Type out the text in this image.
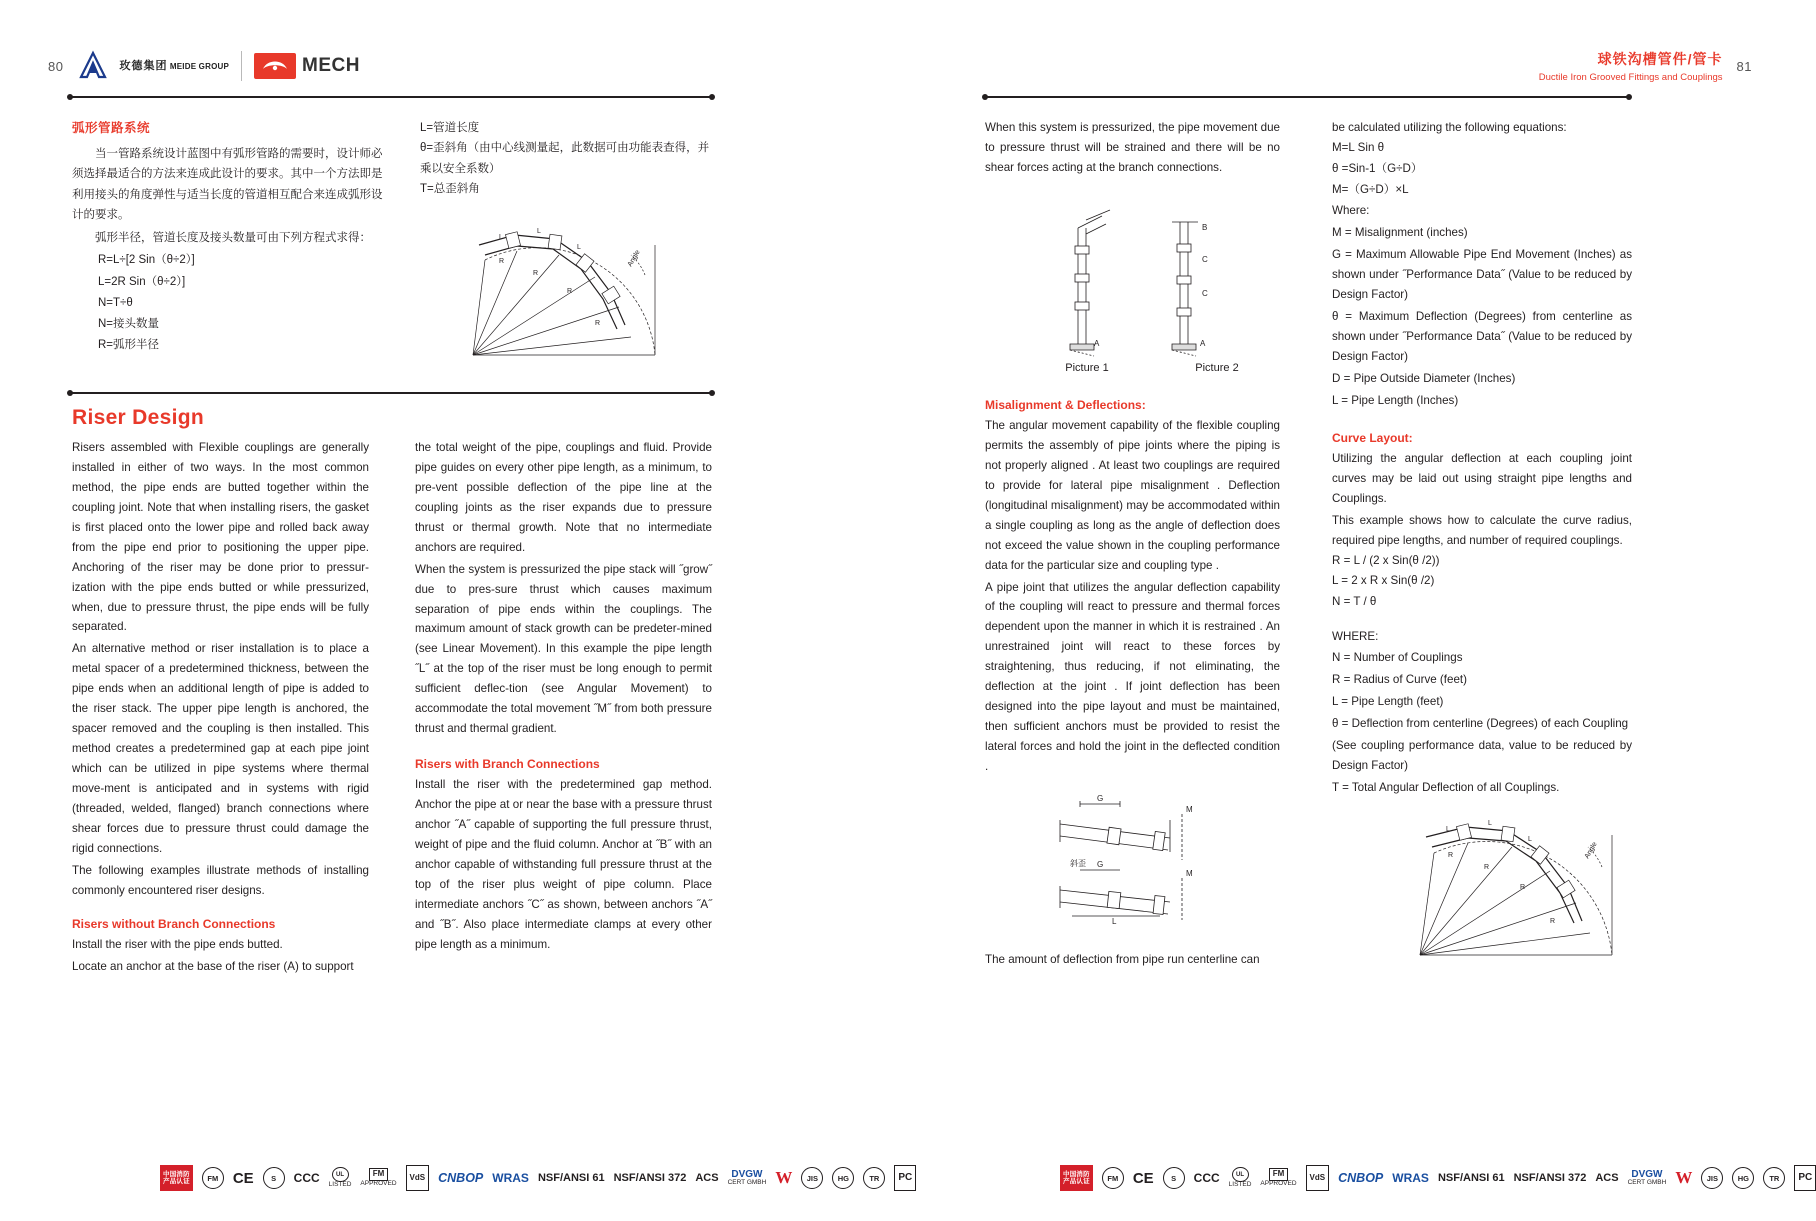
80	玫德集团 MEIDE GROUP	MECH
弧形管路系统
当一管路系统设计蓝图中有弧形管路的需要时，设计师必须选择最适合的方法来连成此设计的要求。其中一个方法即是利用接头的角度弹性与适当长度的管道相互配合来连成弧形设计的要求。
弧形半径，管道长度及接头数量可由下列方程式求得：
R=L÷[2 Sin（θ÷2）]
L=2R Sin（θ÷2）]
N=T÷θ
N=接头数量
R=弧形半径
L=管道长度
θ=歪斜角（由中心线测量起，此数据可由功能表查得，并乘以安全系数）
T=总歪斜角
R
R
R
R
L
L
L
Angle
Riser Design

Risers assembled with Flexible couplings are generally installed in either of two ways. In the most common method, the pipe ends are butted together within the coupling joint. Note that when installing risers, the gasket is first placed onto the lower pipe and rolled back away from the pipe end prior to positioning the upper pipe. Anchoring of the riser may be done prior to pressur-ization with the pipe ends butted or while pressurized, when, due to pressure thrust, the pipe ends will be fully separated.

An alternative method or riser installation is to place a metal spacer of a predetermined thickness, between the pipe ends when an additional length of pipe is added to the riser stack. The upper pipe length is anchored, the spacer removed and the coupling is then installed. This method creates a predetermined gap at each pipe joint which can be utilized in pipe systems where thermal move-ment is anticipated and in systems with rigid (threaded, welded, flanged) branch connections where shear forces due to pressure thrust could damage the rigid connections.

The following examples illustrate methods of installing commonly encountered riser designs.

Risers without Branch Connections

Install the riser with the pipe ends butted.

Locate an anchor at the base of the riser (A) to support

the total weight of the pipe, couplings and fluid. Provide pipe guides on every other pipe length, as a minimum, to pre-vent possible deflection of the pipe line at the coupling joints as the riser expands due to pressure thrust or thermal growth. Note that no intermediate anchors are required.

When the system is pressurized the pipe stack will ˝grow˝ due to pres-sure thrust which causes maximum separation of pipe ends within the couplings. The maximum amount of stack growth can be predeter-mined (see Linear Movement). In this example the pipe length ˝L˝ at the top of the riser must be long enough to permit sufficient deflec-tion (see Angular Movement) to accommodate the total movement ˝M˝ from both pressure thrust and thermal gradient.

Risers with Branch Connections

Install the riser with the predetermined gap method. Anchor the pipe at or near the base with a pressure thrust anchor ˝A˝ capable of supporting the full pressure thrust, weight of pipe and the fluid column. Anchor at ˝B˝ with an anchor capable of withstanding full pressure thrust at the top of the riser plus weight of pipe column. Place intermediate anchors ˝C˝ as shown, between anchors ˝A˝ and ˝B˝. Also place intermediate clamps at every other pipe length as a minimum.

中国消防
产品认证	FM CE	S	CCC	UL
LISTED
FM
APPROVED
VdS	CNBOP WRAS NSF/ANSI 61 NSF/ANSI 372 ACS DVGW
CERT GMBH W	JIS	HG	TR	PC
球铁沟槽管件/管卡
Ductile Iron Grooved Fittings and Couplings
81

When this system is pressurized, the pipe movement due to pressure thrust will be strained and there will be no shear forces acting at the branch connections.

A
B
C
C
A
Picture 1	Picture 2
Misalignment & Deflections:

The angular movement capability of the flexible coupling permits the assembly of pipe joints where the piping is not properly aligned . At least two couplings are required to provide for lateral pipe misalignment . Deflection (longitudinal misalignment) may be accommodated within a single coupling as long as the angle of deflection does not exceed the value shown in the coupling performance data for the particular size and coupling type .

A pipe joint that utilizes the angular deflection capability of the coupling will react to pressure and thermal forces dependent upon the manner in which it is restrained . An unrestrained joint will react to these forces by straightening, thus reducing, if not eliminating, the deflection at the joint . If joint deflection has been designed into the pipe layout and must be maintained, then sufficient anchors must be provided to resist the lateral forces and hold the joint in the deflected condition .

G
M
G
M
L
斜歪

The amount of deflection from pipe run centerline can

be calculated utilizing the following equations:

M=L Sin θ
θ =Sin-1（G÷D）
M=（G÷D）×L
Where:

M = Misalignment (inches)

G = Maximum Allowable Pipe End Movement (Inches) as shown under ˝Performance Data˝ (Value to be reduced by Design Factor)

θ = Maximum Deflection (Degrees) from centerline as shown under ˝Performance Data˝ (Value to be reduced by Design Factor)

D = Pipe Outside Diameter (Inches)

L = Pipe Length (Inches)

Curve Layout:

Utilizing the angular deflection at each coupling joint curves may be laid out using straight pipe lengths and Couplings.

This example shows how to calculate the curve radius, required pipe lengths, and number of required couplings.

R = L / (2 x Sin(θ /2))
L = 2 x R x Sin(θ /2)
N = T / θ
WHERE:

N = Number of Couplings

R = Radius of Curve (feet)

L = Pipe Length (feet)

θ = Deflection from centerline (Degrees) of each Coupling

(See coupling performance data, value to be reduced by Design Factor)

T = Total Angular Deflection of all Couplings.

R
R
R
R
L
L
L
Angle
中国消防
产品认证	FM CE	S	CCC	UL
LISTED
FM
APPROVED
VdS	CNBOP WRAS NSF/ANSI 61 NSF/ANSI 372 ACS DVGW
CERT GMBH W	JIS	HG	TR	PC
